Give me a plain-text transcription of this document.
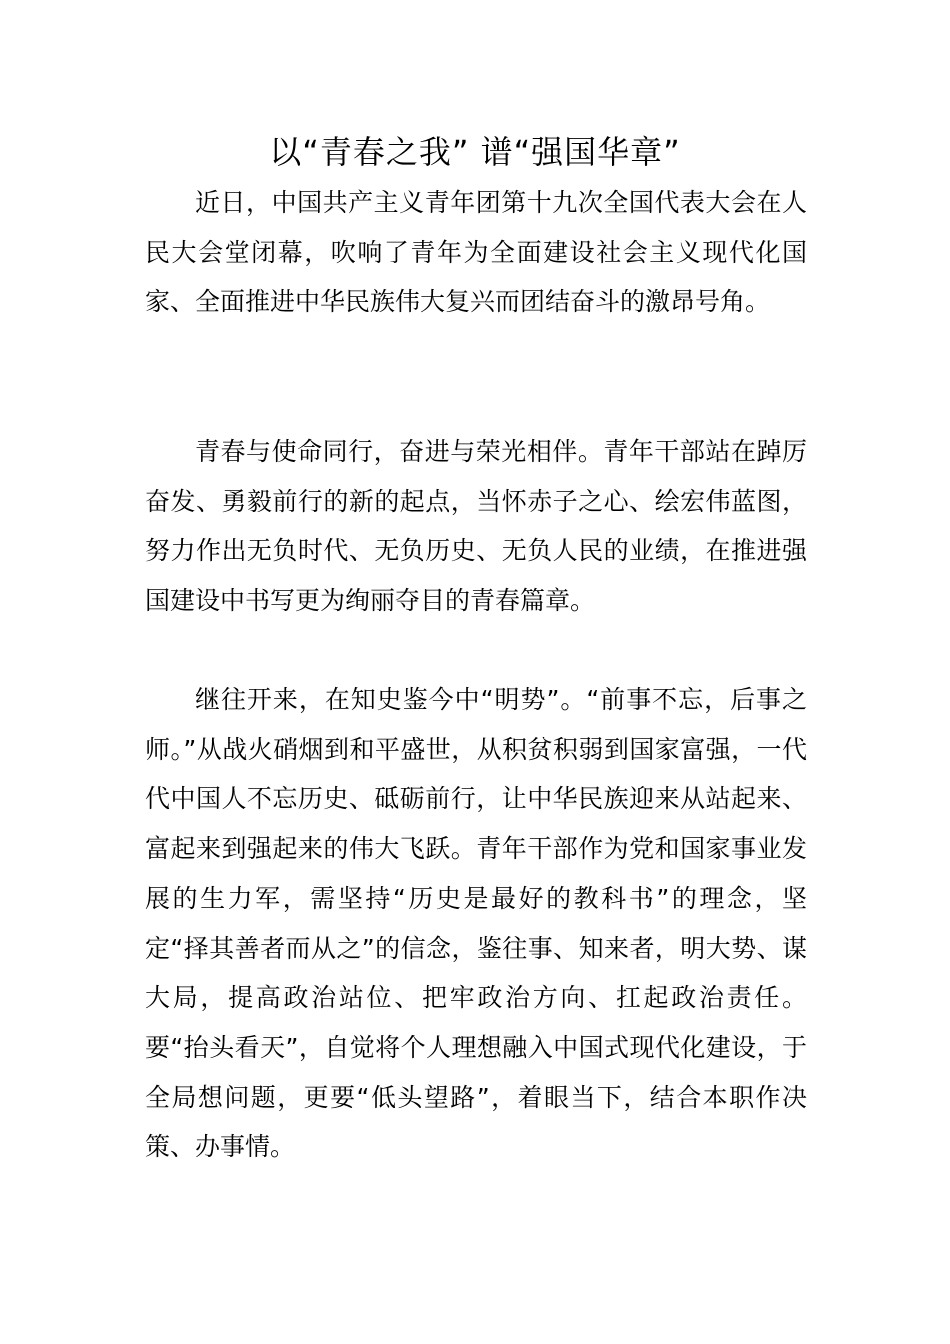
以“青春之我” 谱“强国华章”

近日，中国共产主义青年团第十九次全国代表大会在人民大会堂闭幕，吹响了青年为全面建设社会主义现代化国家、全面推进中华民族伟大复兴而团结奋斗的激昂号角。

青春与使命同行，奋进与荣光相伴。青年干部站在踔厉奋发、勇毅前行的新的起点，当怀赤子之心、绘宏伟蓝图，努力作出无负时代、无负历史、无负人民的业绩，在推进强国建设中书写更为绚丽夺目的青春篇章。

继往开来，在知史鉴今中“明势”。“前事不忘，后事之师。”从战火硝烟到和平盛世，从积贫积弱到国家富强，一代代中国人不忘历史、砥砺前行，让中华民族迎来从站起来、富起来到强起来的伟大飞跃。青年干部作为党和国家事业发展的生力军，需坚持“历史是最好的教科书”的理念，坚定“择其善者而从之”的信念，鉴往事、知来者，明大势、谋大局，提高政治站位、把牢政治方向、扛起政治责任。要“抬头看天”，自觉将个人理想融入中国式现代化建设，于全局想问题，更要“低头望路”，着眼当下，结合本职作决策、办事情。
